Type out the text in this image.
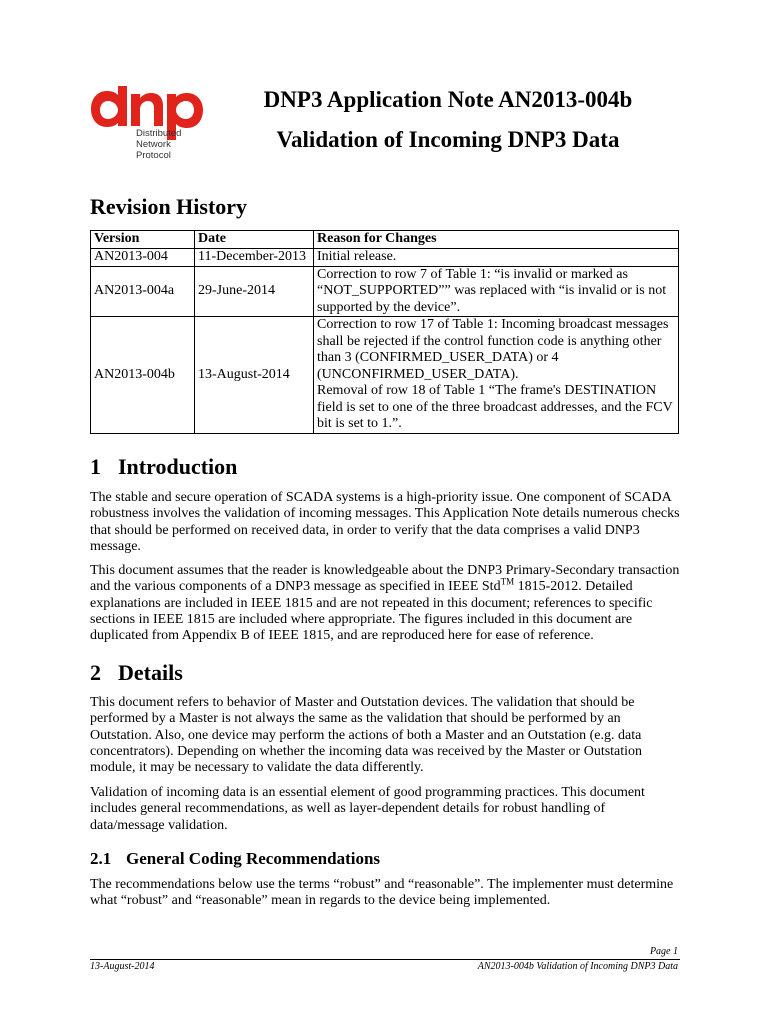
Distributed
Network
Protocol
DNP3 Application Note AN2013-004b
Validation of Incoming DNP3 Data
Revision History
Version	Date	Reason for Changes
AN2013-004	11-December-2013	Initial release.
AN2013-004a	29-June-2014	Correction to row 7 of Table 1: “is invalid or marked as “NOT_SUPPORTED”” was replaced with “is invalid or is not supported by the device”.
AN2013-004b	13-August-2014	Correction to row 17 of Table 1: Incoming broadcast messages shall be rejected if the control function code is anything other than 3 (CONFIRMED_USER_DATA) or 4 (UNCONFIRMED_USER_DATA).
Removal of row 18 of Table 1 “The frame's DESTINATION field is set to one of the three broadcast addresses, and the FCV bit is set to 1.”.
1 Introduction

The stable and secure operation of SCADA systems is a high-priority issue. One component of SCADA robustness involves the validation of incoming messages. This Application Note details numerous checks that should be performed on received data, in order to verify that the data comprises a valid DNP3 message.

This document assumes that the reader is knowledgeable about the DNP3 Primary-Secondary transaction and the various components of a DNP3 message as specified in IEEE Std™ 1815-2012. Detailed explanations are included in IEEE 1815 and are not repeated in this document; references to specific sections in IEEE 1815 are included where appropriate. The figures included in this document are duplicated from Appendix B of IEEE 1815, and are reproduced here for ease of reference.

2 Details

This document refers to behavior of Master and Outstation devices. The validation that should be performed by a Master is not always the same as the validation that should be performed by an Outstation. Also, one device may perform the actions of both a Master and an Outstation (e.g. data concentrators). Depending on whether the incoming data was received by the Master or Outstation module, it may be necessary to validate the data differently.

Validation of incoming data is an essential element of good programming practices. This document includes general recommendations, as well as layer-dependent details for robust handling of data/message validation.

2.1 General Coding Recommendations

The recommendations below use the terms “robust” and “reasonable”. The implementer must determine what “robust” and “reasonable” mean in regards to the device being implemented.

Page 1
13-August-2014	AN2013-004b Validation of Incoming DNP3 Data
